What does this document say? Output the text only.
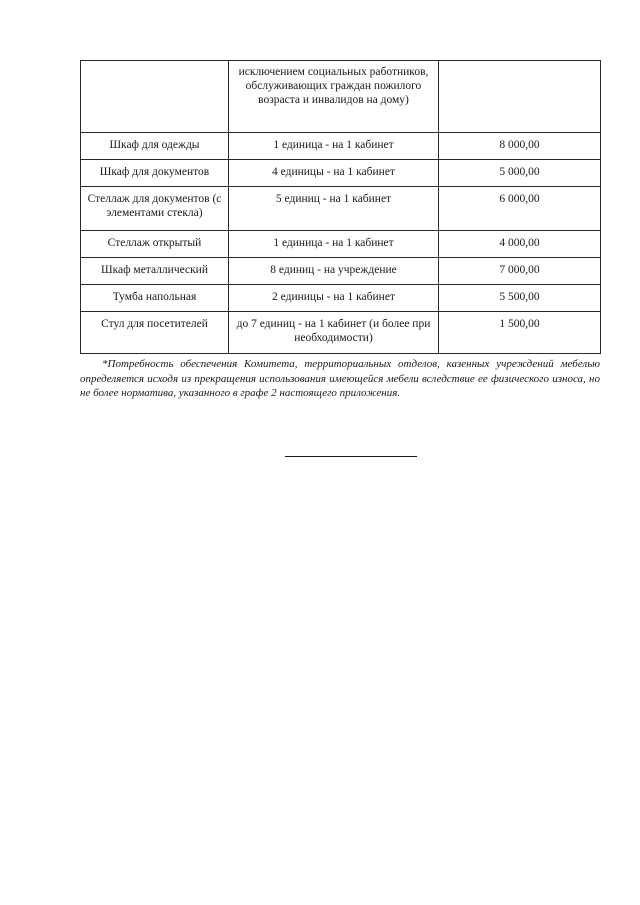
	исключением социальных работников, обслуживающих граждан пожилого возраста и инвалидов на дому)	
Шкаф для одежды	1 единица - на 1 кабинет	8 000,00
Шкаф для документов	4 единицы - на 1 кабинет	5 000,00
Стеллаж для документов (с элементами стекла)	5 единиц - на 1 кабинет	6 000,00
Стеллаж открытый	1 единица - на 1 кабинет	4 000,00
Шкаф металлический	8 единиц - на учреждение	7 000,00
Тумба напольная	2 единицы - на 1 кабинет	5 500,00
Стул для посетителей	до 7 единиц - на 1 кабинет (и более при необходимости)	1 500,00

*Потребность обеспечения Комитета, территориальных отделов, казенных учреждений мебелью определяется исходя из прекращения использования имеющейся мебели вследствие ее физического износа, но не более норматива, указанного в графе 2 настоящего приложения.
